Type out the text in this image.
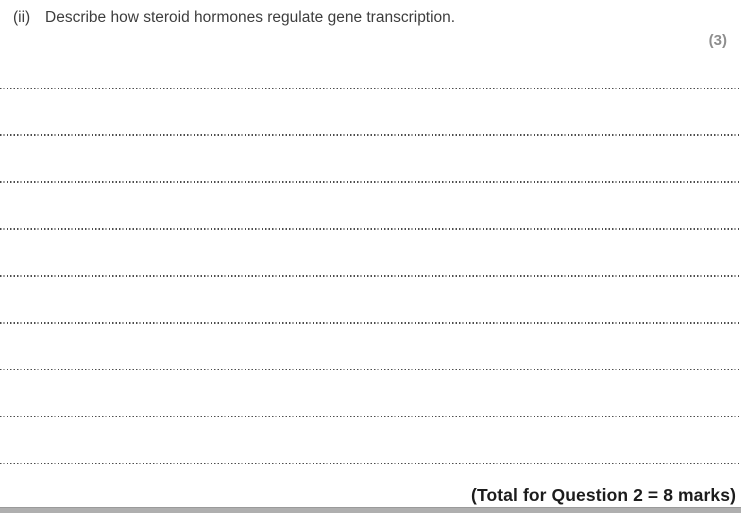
(ii) Describe how steroid hormones regulate gene transcription.
(3)
(Total for Question 2 = 8 marks)
